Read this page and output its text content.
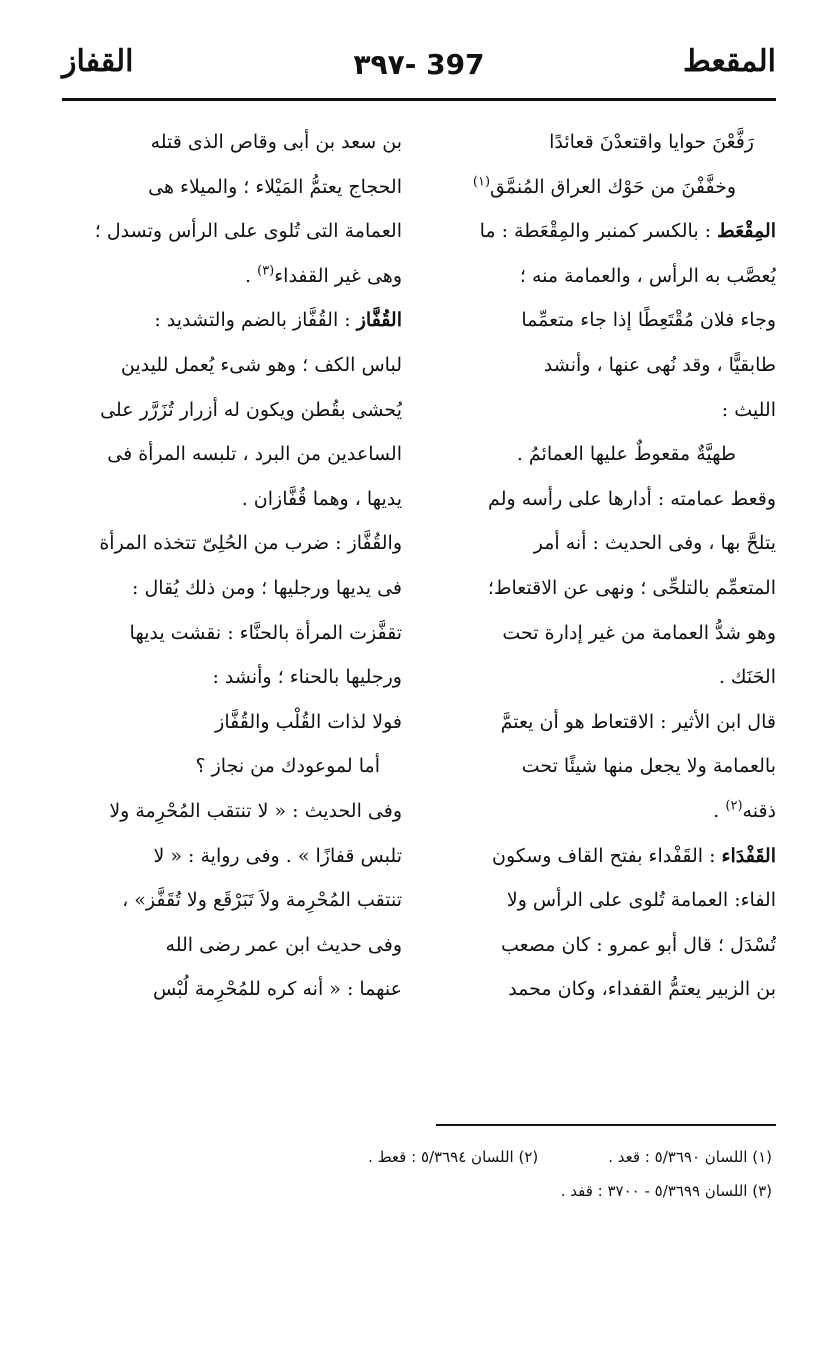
المقعط
٣٩٧- 397
القفاز
رَفَّعْنَ حوايا واقتعدْنَ قعائدًا
وخفَّفْنَ من حَوْك العراق المُنمَّق$^{(١)}$
المِقْعَط : بالكسر كمنبر والمِقْعَطة : ما
يُعصَّب به الرأس ، والعمامة منه ؛
وجاء فلان مُقْتَعِطًا إذا جاء متعمِّما
طابقيًّا ، وقد نُهى عنها ، وأنشد
الليث :
طهيَّةٌ مقعوطٌ عليها العمائمُ .
وقعط عمامته : أدارها على رأسه ولم
يتلحَّ بها ، وفى الحديث : أنه أمر
المتعمِّم بالتلحِّى ؛ ونهى عن الاقتعاط؛
وهو شدُّ العمامة من غير إدارة تحت
الحَنَك .
قال ابن الأثير : الاقتعاط هو أن يعتمَّ
بالعمامة ولا يجعل منها شيئًا تحت
ذقنه$^{(٢)}$ .
القَفْدَاء : القَفْداء بفتح القاف وسكون
الفاء: العمامة تُلوى على الرأس ولا
تُسْدَل ؛ قال أبو عمرو : كان مصعب
بن الزبير يعتمُّ القفداء، وكان محمد
بن سعد بن أبى وقاص الذى قتله
الحجاج يعتمُّ المَيْلاء ؛ والميلاء هى
العمامة التى تُلوى على الرأس وتسدل ؛
وهى غير القفداء$^{(٣)}$ .
القُفَّاز : القُفَّاز بالضم والتشديد :
لباس الكف ؛ وهو شىء يُعمل لليدين
يُحشى بقُطن ويكون له أزرار تُزَرَّر على
الساعدين من البرد ، تلبسه المرأة فى
يديها ، وهما قُفَّازان .
والقُفَّاز : ضرب من الحُلِىّ تتخذه المرأة
فى يديها ورجليها ؛ ومن ذلك يُقال :
تقفَّزت المرأة بالحنَّاء : نقشت يديها
ورجليها بالحناء ؛ وأنشد :
فولا لذات القُلْب والقُفَّاز
أما لموعودك من نجاز ؟
وفى الحديث : « لا تنتقب المُحْرِمة ولا
تلبس قفازًا » . وفى رواية : « لا
تنتقب المُحْرِمة ولاَ تَبَرْقَع ولا تُقَفَّز» ،
وفى حديث ابن عمر رضى الله
عنهما : « أنه كره للمُحْرِمة لُبْس
(١) اللسان ٥/٣٦٩٠ : قعد .(٢) اللسان ٥/٣٦٩٤ : قعط .
(٣) اللسان ٥/٣٦٩٩ - ٣٧٠٠ : قفد .
